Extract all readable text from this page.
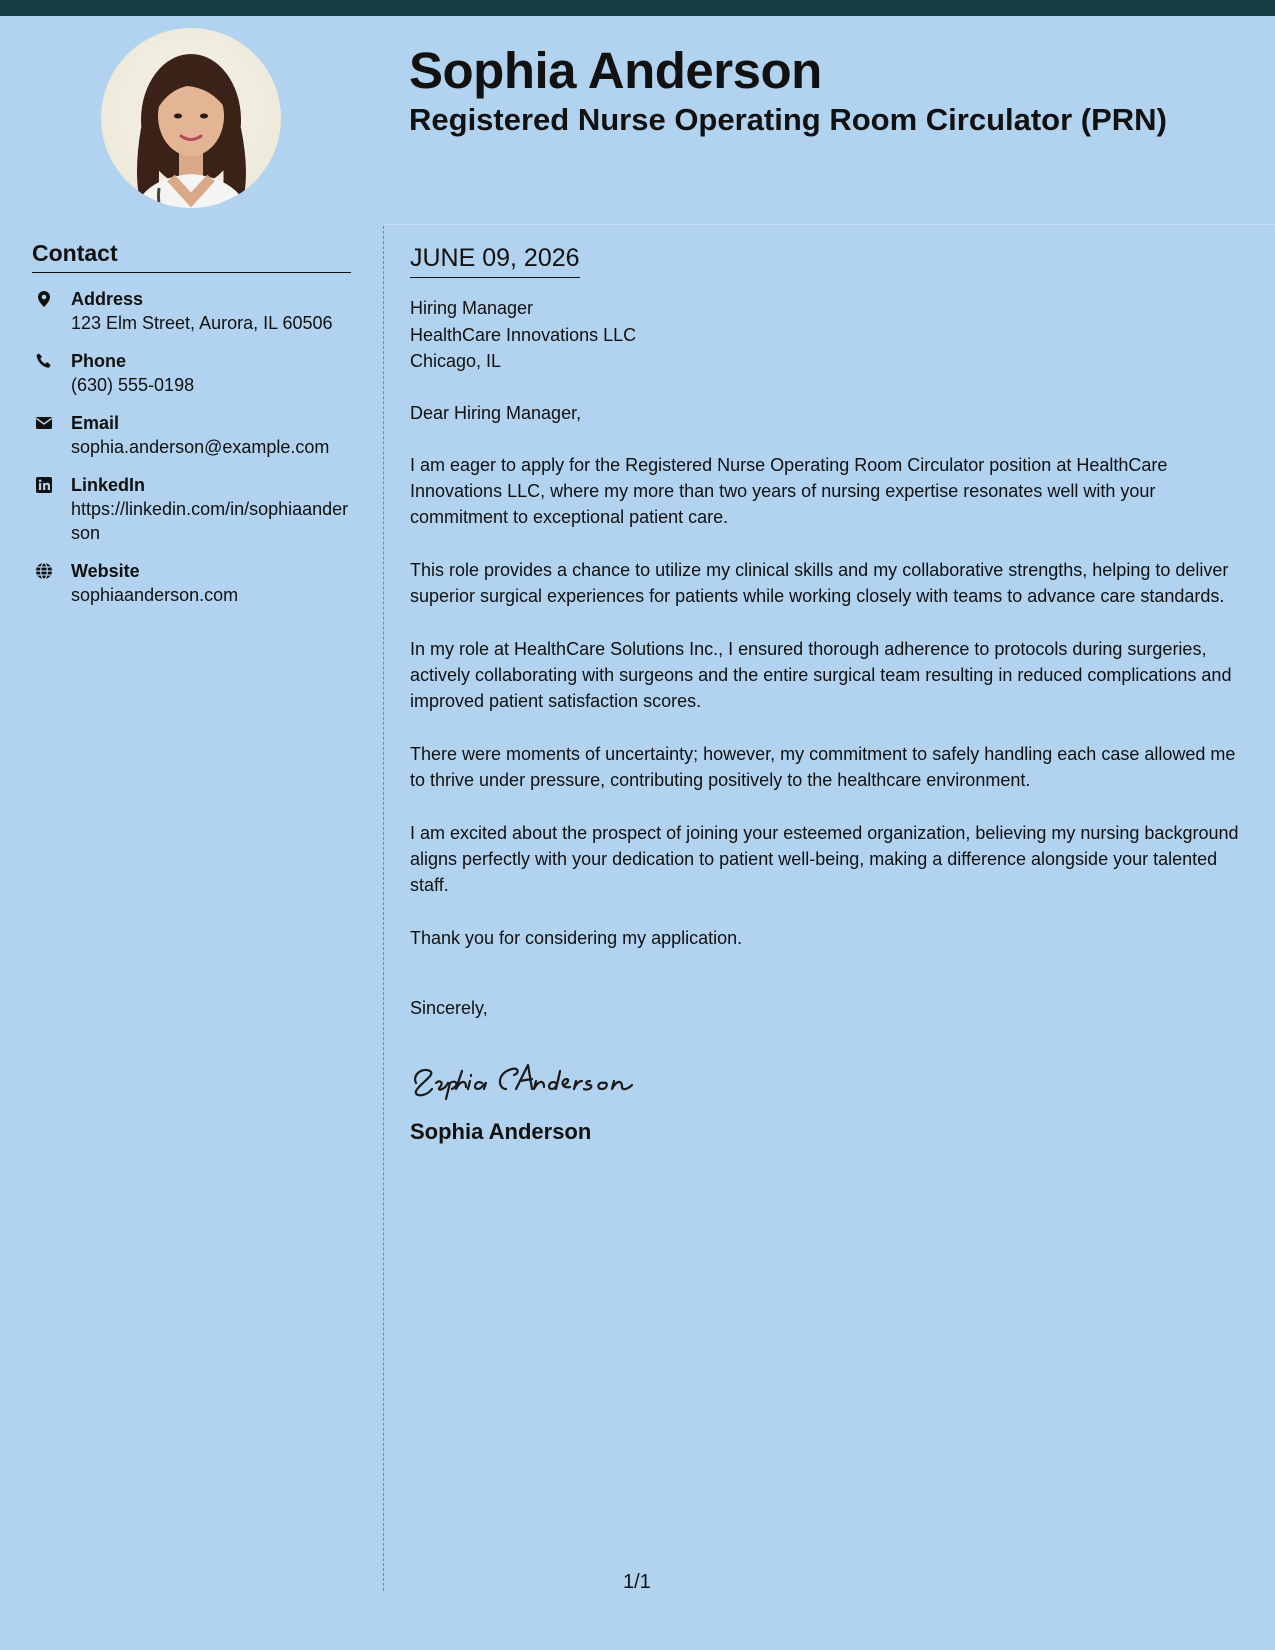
Sophia Anderson
Registered Nurse Operating Room Circulator (PRN)
Contact
Address
123 Elm Street, Aurora, IL 60506
Phone
(630) 555-0198
Email
sophia.anderson@example.com
LinkedIn
https://linkedin.com/in/sophiaanderson
Website
sophiaanderson.com
JUNE 09, 2026
Hiring Manager
HealthCare Innovations LLC
Chicago, IL
Dear Hiring Manager,

I am eager to apply for the Registered Nurse Operating Room Circulator position at HealthCare Innovations LLC, where my more than two years of nursing expertise resonates well with your commitment to exceptional patient care.

This role provides a chance to utilize my clinical skills and my collaborative strengths, helping to deliver superior surgical experiences for patients while working closely with teams to advance care standards.

In my role at HealthCare Solutions Inc., I ensured thorough adherence to protocols during surgeries, actively collaborating with surgeons and the entire surgical team resulting in reduced complications and improved patient satisfaction scores.

There were moments of uncertainty; however, my commitment to safely handling each case allowed me to thrive under pressure, contributing positively to the healthcare environment.

I am excited about the prospect of joining your esteemed organization, believing my nursing background aligns perfectly with your dedication to patient well-being, making a difference alongside your talented staff.

Thank you for considering my application.

Sincerely,
Sophia Anderson
1/1
